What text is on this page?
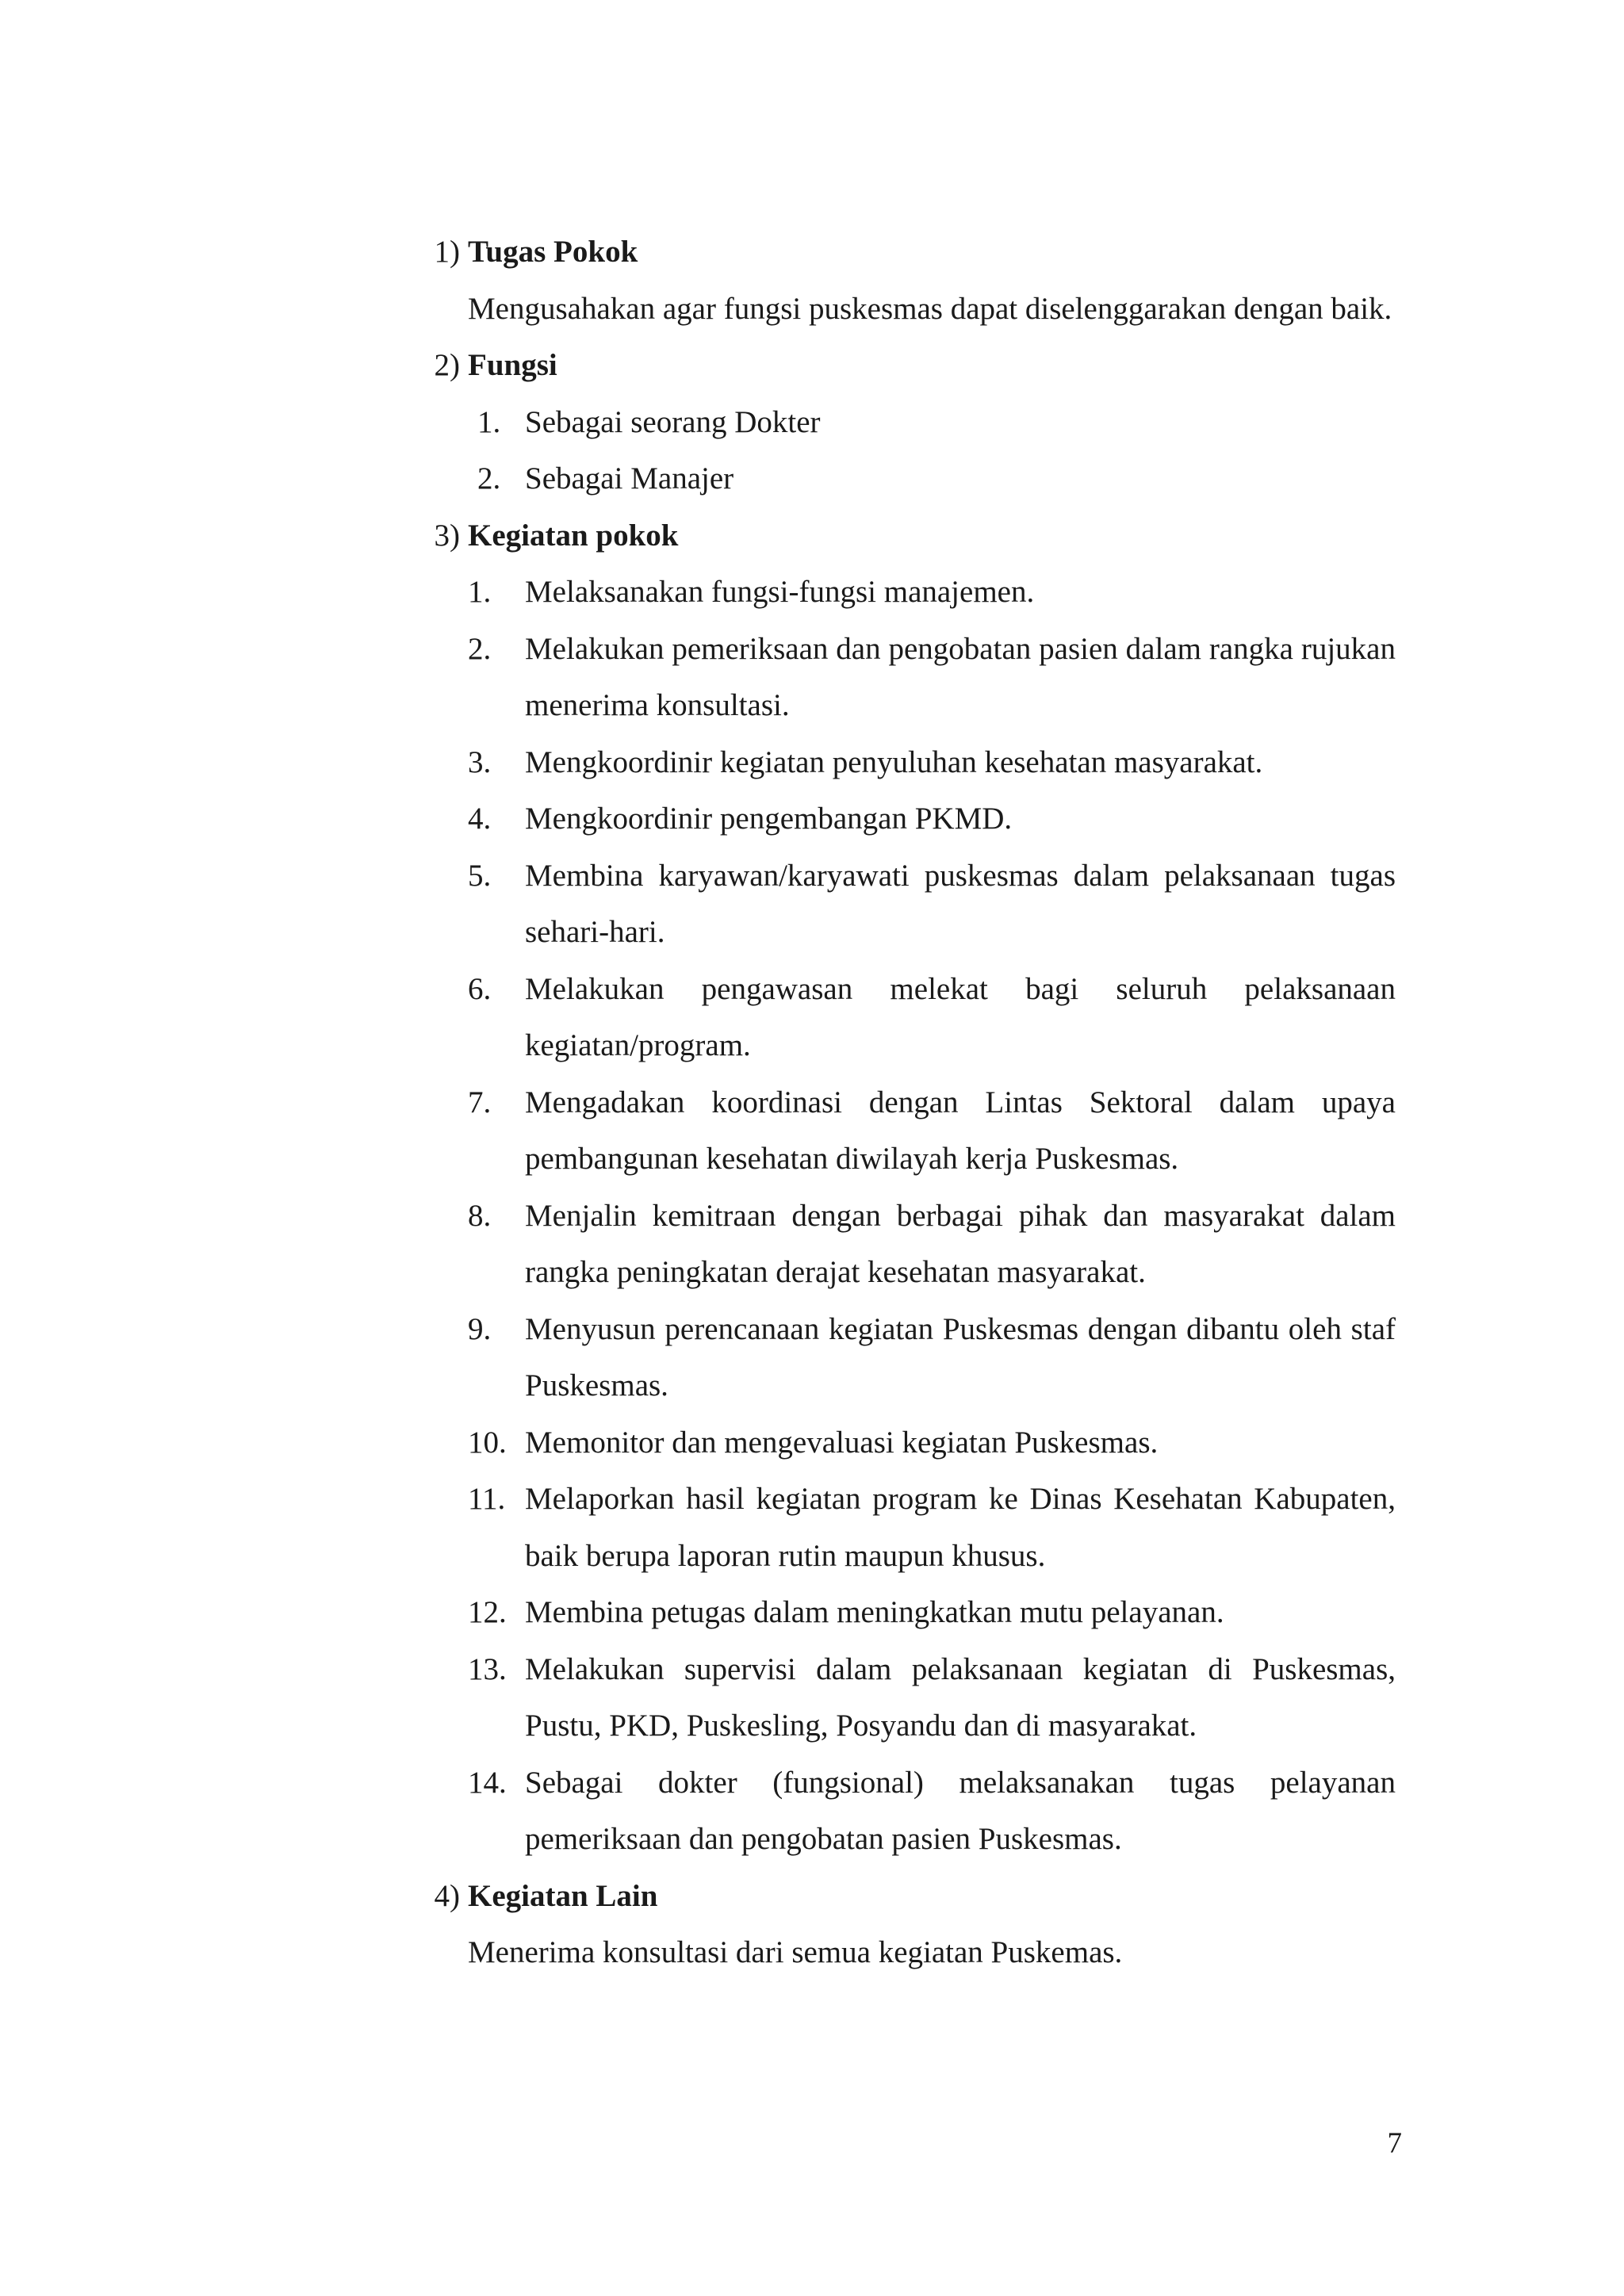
1) Tugas Pokok
Mengusahakan agar fungsi puskesmas dapat diselenggarakan dengan baik.
2) Fungsi
1. Sebagai seorang Dokter
2. Sebagai Manajer
3) Kegiatan pokok
1.	Melaksanakan fungsi-fungsi manajemen.
2.	Melakukan pemeriksaan dan pengobatan pasien dalam rangka rujukan menerima konsultasi.
3.	Mengkoordinir kegiatan penyuluhan kesehatan masyarakat.
4.	Mengkoordinir pengembangan PKMD.
5.	Membina karyawan/karyawati puskesmas dalam pelaksanaan tugas sehari-hari.
6.	Melakukan pengawasan melekat bagi seluruh pelaksanaan kegiatan/program.
7.	Mengadakan koordinasi dengan Lintas Sektoral dalam upaya pembangunan kesehatan diwilayah kerja Puskesmas.
8.	Menjalin kemitraan dengan berbagai pihak dan masyarakat dalam rangka peningkatan derajat kesehatan masyarakat.
9.	Menyusun perencanaan kegiatan Puskesmas dengan dibantu oleh staf Puskesmas.
10. Memonitor dan mengevaluasi kegiatan Puskesmas.
11. Melaporkan hasil kegiatan program ke Dinas Kesehatan Kabupaten, baik berupa laporan rutin maupun khusus.
12. Membina petugas dalam meningkatkan mutu pelayanan.
13. Melakukan supervisi dalam pelaksanaan kegiatan di Puskesmas, Pustu, PKD, Puskesling, Posyandu dan di masyarakat.
14. Sebagai dokter (fungsional) melaksanakan tugas pelayanan pemeriksaan dan pengobatan pasien Puskesmas.
4) Kegiatan Lain
Menerima konsultasi dari semua kegiatan Puskemas.
7
